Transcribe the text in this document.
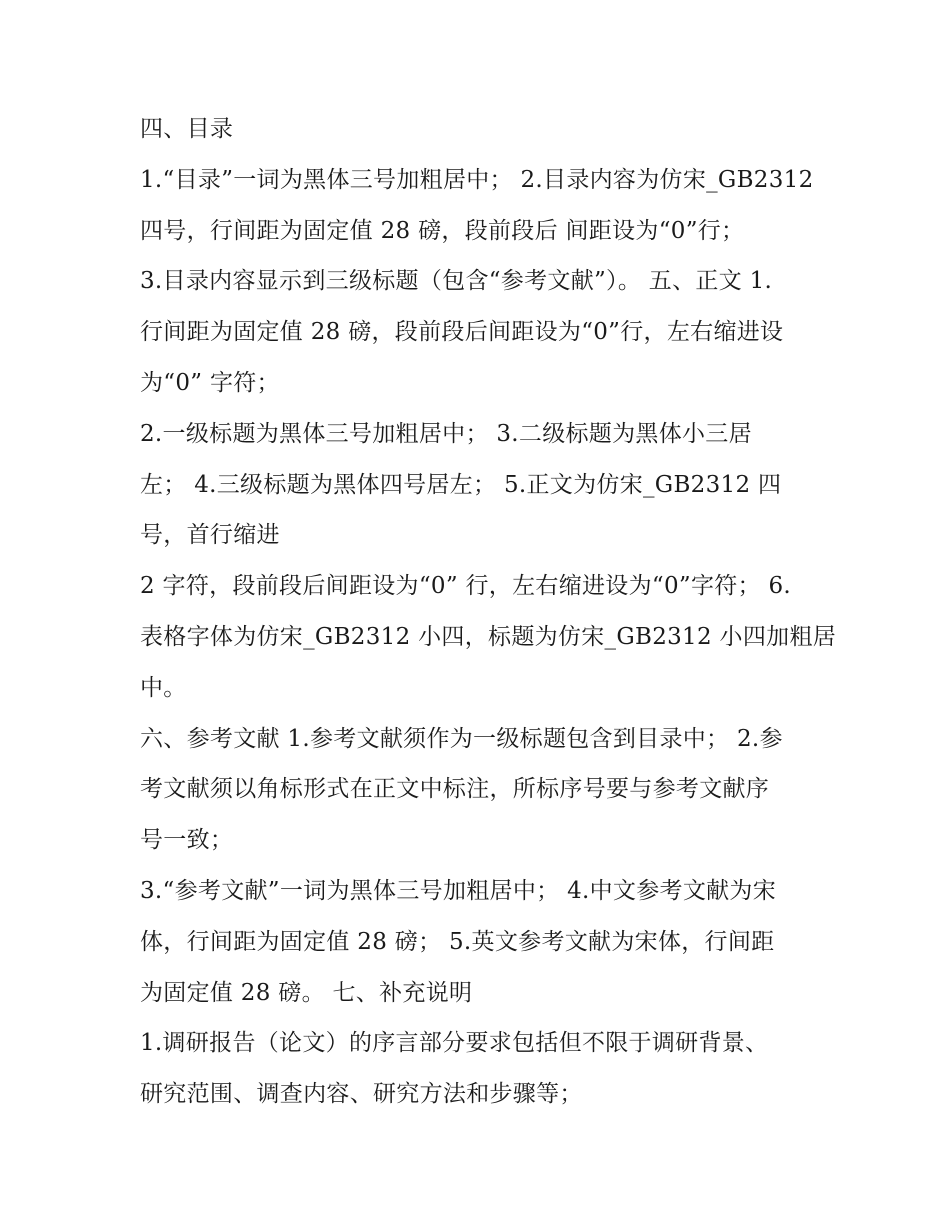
四、目录
1.“目录”一词为黑体三号加粗居中； 2.目录内容为仿宋_GB2312
四号，行间距为固定值 28 磅，段前段后 间距设为“0”行；
3.目录内容显示到三级标题（包含“参考文献”）。 五、正文 1.
行间距为固定值 28 磅，段前段后间距设为“0”行，左右缩进设
为“0” 字符；
2.一级标题为黑体三号加粗居中； 3.二级标题为黑体小三居
左； 4.三级标题为黑体四号居左； 5.正文为仿宋_GB2312 四
号，首行缩进
2 字符，段前段后间距设为“0” 行，左右缩进设为“0”字符； 6.
表格字体为仿宋_GB2312 小四，标题为仿宋_GB2312 小四加粗居
中。
六、参考文献 1.参考文献须作为一级标题包含到目录中； 2.参
考文献须以角标形式在正文中标注，所标序号要与参考文献序
号一致；
3.“参考文献”一词为黑体三号加粗居中； 4.中文参考文献为宋
体，行间距为固定值 28 磅； 5.英文参考文献为宋体，行间距
为固定值 28 磅。 七、补充说明
1.调研报告（论文）的序言部分要求包括但不限于调研背景、
研究范围、调查内容、研究方法和步骤等；
